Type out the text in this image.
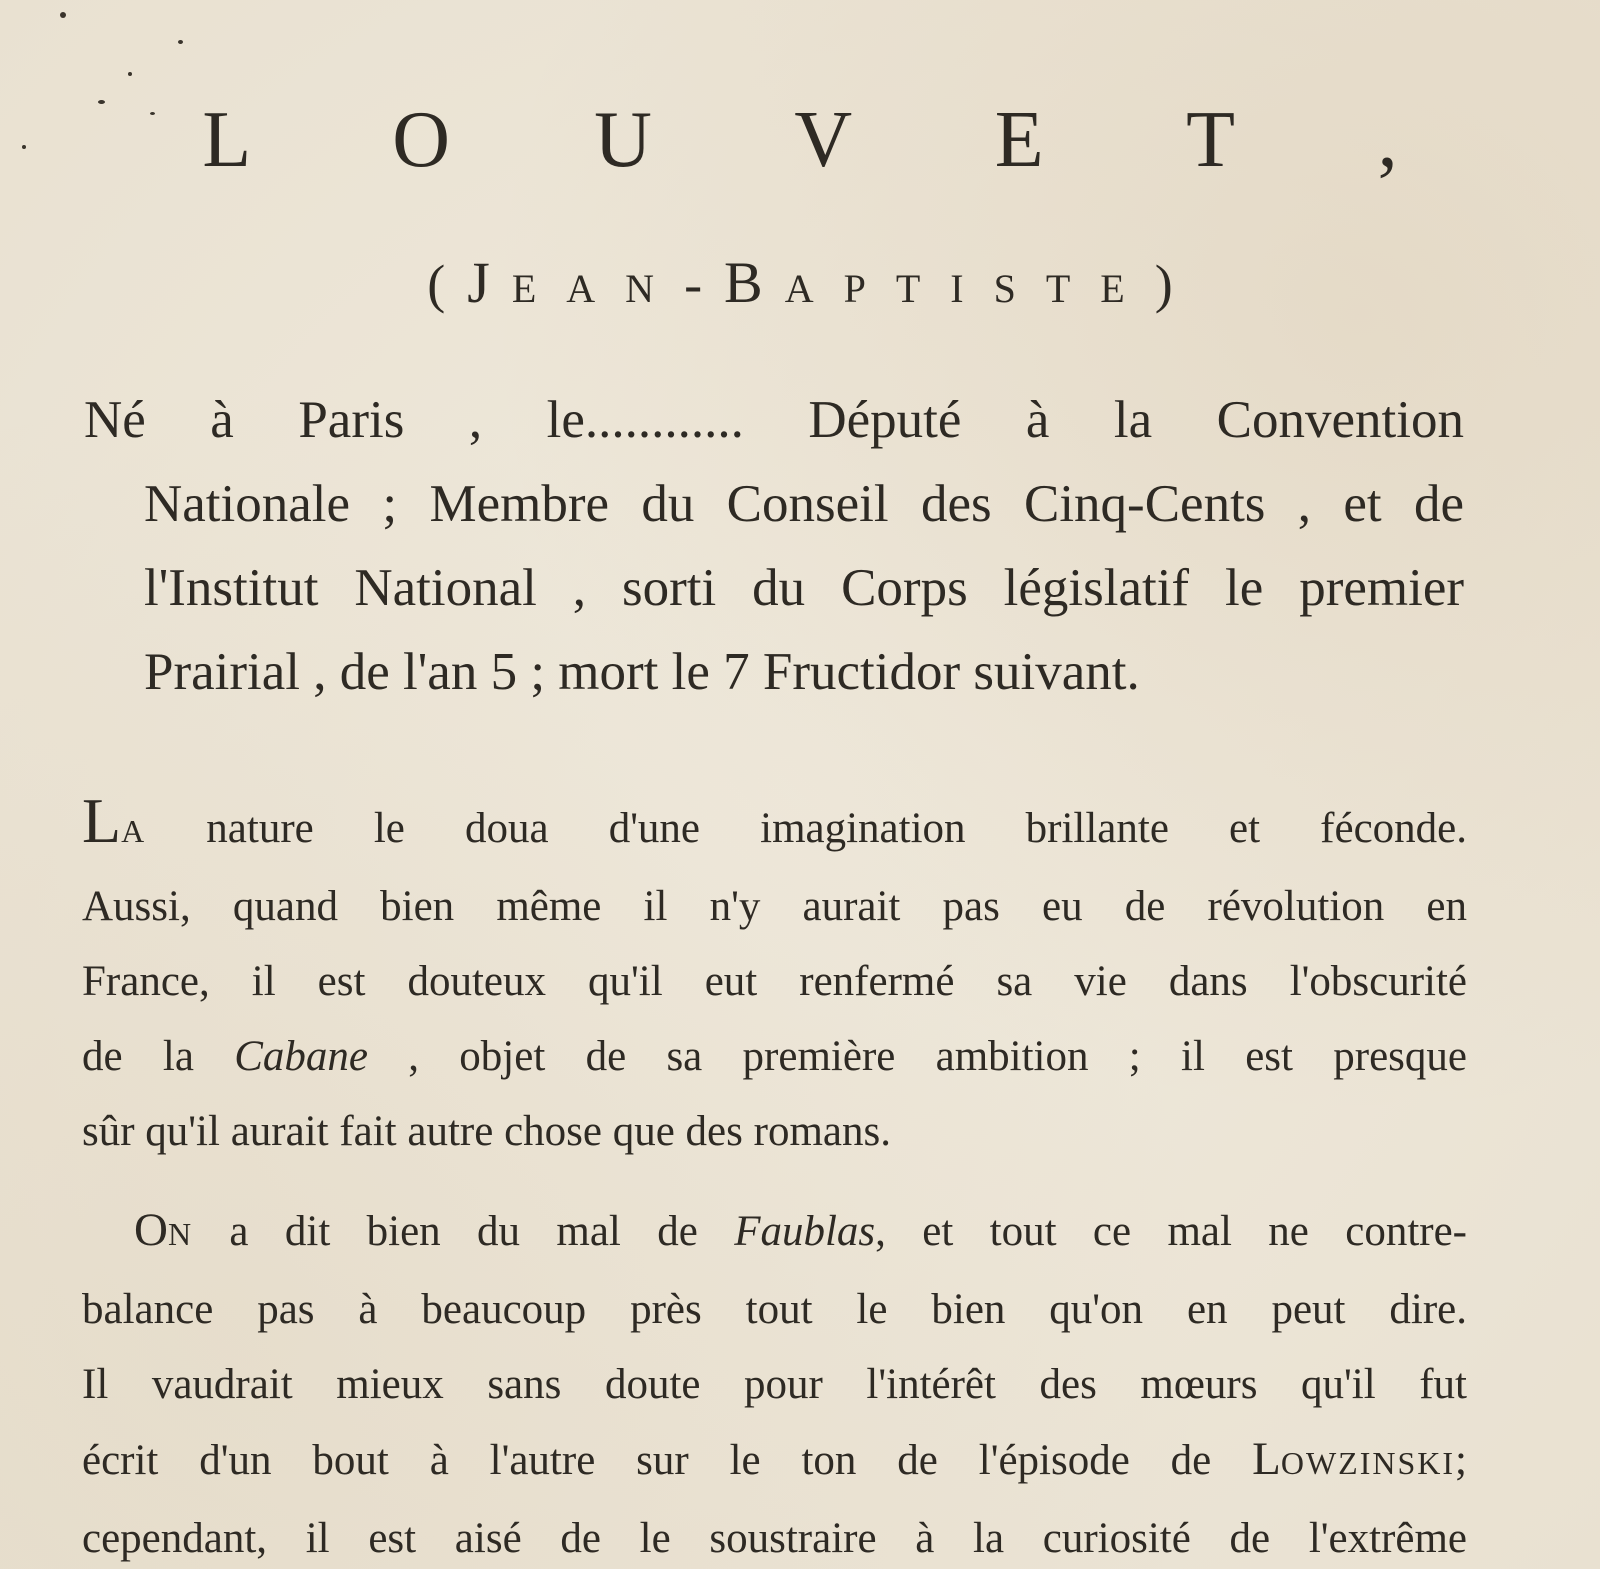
L O U V E T ,
(JEAN-BAPTISTE)
Né à Paris , le............ Député à la Convention
Nationale ; Membre du Conseil des Cinq-Cents , et de
l'Institut National , sorti du Corps législatif le premier
Prairial , de l'an 5 ; mort le 7 Fructidor suivant.
LA nature le doua d'une imagination brillante et féconde.
Aussi, quand bien même il n'y aurait pas eu de révolution en
France, il est douteux qu'il eut renfermé sa vie dans l'obscurité
de la Cabane , objet de sa première ambition ; il est presque
sûr qu'il aurait fait autre chose que des romans.
ON a dit bien du mal de Faublas, et tout ce mal ne contre-
balance pas à beaucoup près tout le bien qu'on en peut dire.
Il vaudrait mieux sans doute pour l'intérêt des mœurs qu'il fut
écrit d'un bout à l'autre sur le ton de l'épisode de LOWZINSKI;
cependant, il est aisé de le soustraire à la curiosité de l'extrême
